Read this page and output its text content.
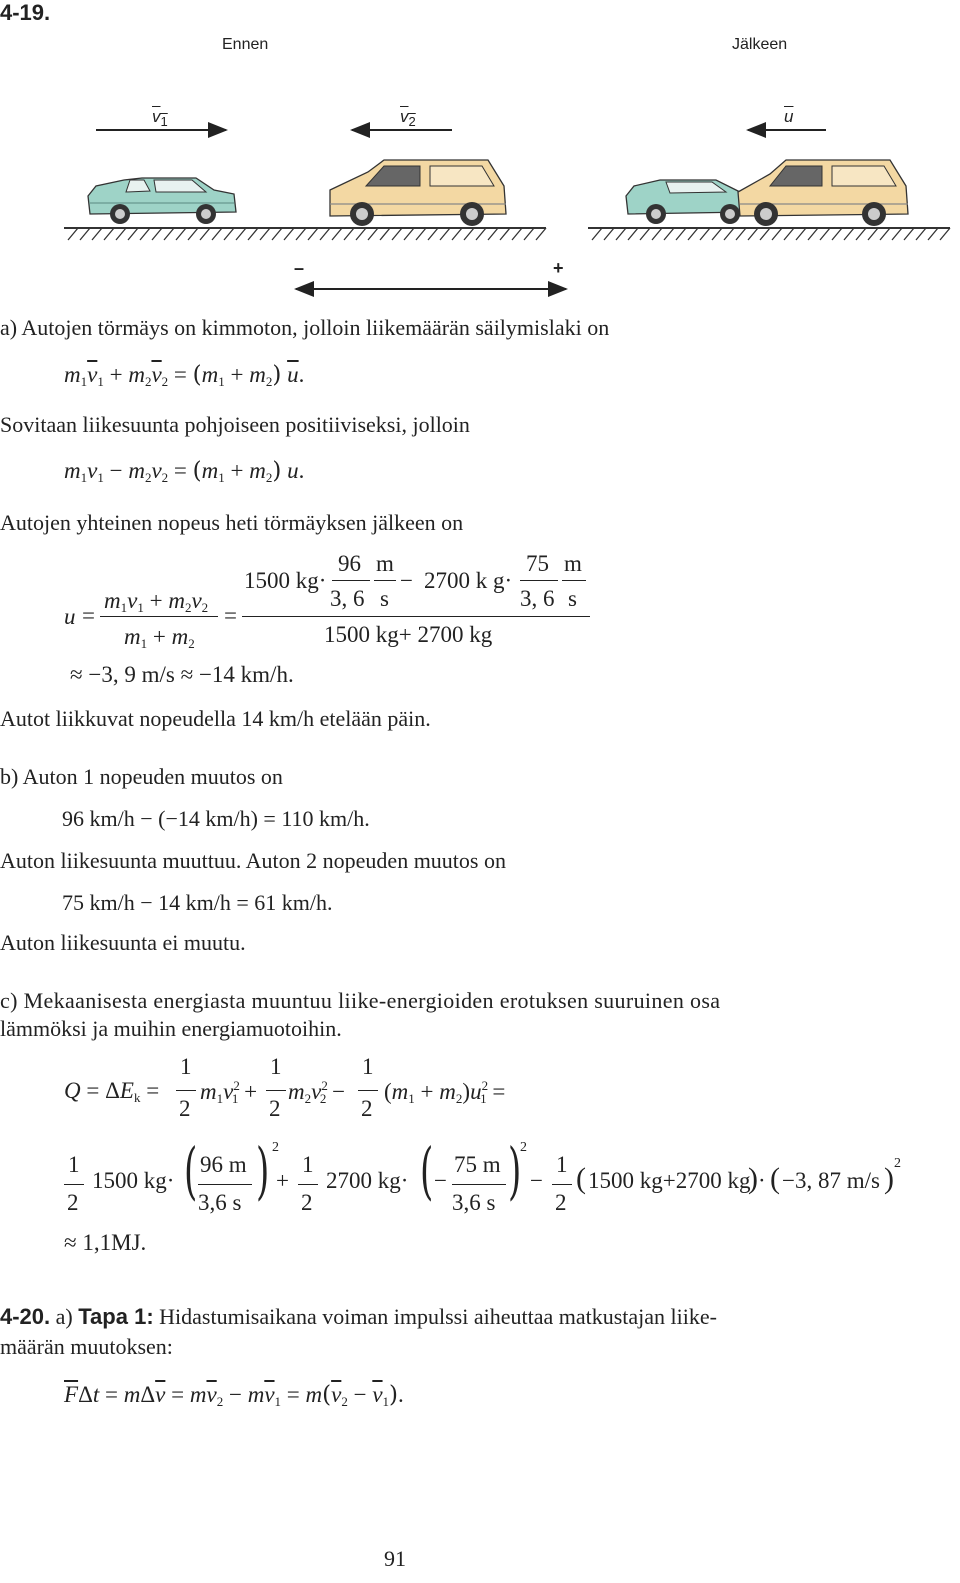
4-19.
Ennen	Jälkeen
$v_1$	$v_2$	$\overline{u}$
–	+
a) Autojen törmäys on kimmoton, jolloin liikemäärän säilymislaki on
$m_1\overline{v}_1 + m_2\overline{v}_2 = (m_1 + m_2)$ $\overline{u}$.
Sovitaan liikesuunta pohjoiseen positiiviseksi, jolloin
$m_1v_1 - m_2v_2 = (m_1 + m_2)$ u.
Autojen yhteinen nopeus heti törmäyksen jälkeen on
u =
$m_1v_1 + m_2v_2$
$m_1 + m_2$
=
1500 kg·
96
3, 6
m
s
− 2700 k g·
75
3, 6
m
s
1500 kg+ 2700 kg
≈ −3, 9 m/s ≈ −14 km/h.
Autot liikkuvat nopeudella 14 km/h etelään päin.
b) Auton 1 nopeuden muutos on
96 km/h − (−14 km/h) = 110 km/h.
Auton liikesuunta muuttuu. Auton 2 nopeuden muutos on
75 km/h − 14 km/h = 61 km/h.
Auton liikesuunta ei muutu.
c) Mekaanisesta energiasta muuntuu liike-energioiden erotuksen suuruinen osa
lämmöksi ja muihin energiamuotoihin.
$Q = \Delta E_k$ =
1
2
$m_1v^2_1$ +
1
2
$m_2v^2_2$ −
1
2
$(m_1 + m_2)u^2_1$ =
1
2
1500 kg· ( 96 m
3,6 s ) 2
+
1
2
2700 kg· ( −
75 m
3,6 s )
2
−
1
2
( 1500 kg+2700 kg
) · ( −3, 87 m/s ) 2
≈ 1,1MJ.
4-20. a) Tapa 1: Hidastumisaikana voiman impulssi aiheuttaa matkustajan liike-
määrän muutoksen:
$\overline{F}\Delta t = m\Delta\overline{v} = m\overline{v}_2 - m\overline{v}_1 = m(\overline{v}_2 - \overline{v}_1)$.
91
